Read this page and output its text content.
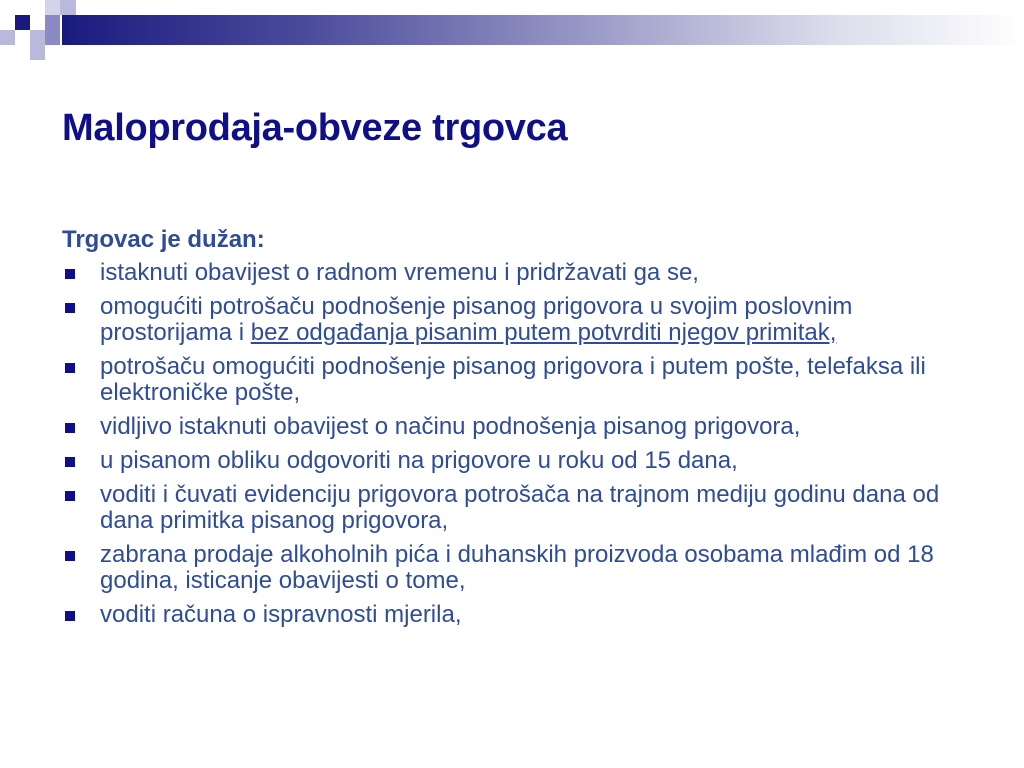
Maloprodaja-obveze trgovca

Trgovac je dužan:

istaknuti obavijest o radnom vremenu i pridržavati ga se,
omogućiti potrošaču podnošenje pisanog prigovora u svojim poslovnim prostorijama i bez odgađanja pisanim putem potvrditi njegov primitak,
potrošaču omogućiti podnošenje pisanog prigovora i putem pošte, telefaksa ili elektroničke pošte,
vidljivo istaknuti obavijest o načinu podnošenja pisanog prigovora,
u pisanom obliku odgovoriti na prigovore u roku od 15 dana,
voditi i čuvati evidenciju prigovora potrošača na trajnom mediju godinu dana od dana primitka pisanog prigovora,
zabrana prodaje alkoholnih pića i duhanskih proizvoda osobama mlađim od 18 godina, isticanje obavijesti o tome,
voditi računa o ispravnosti mjerila,
